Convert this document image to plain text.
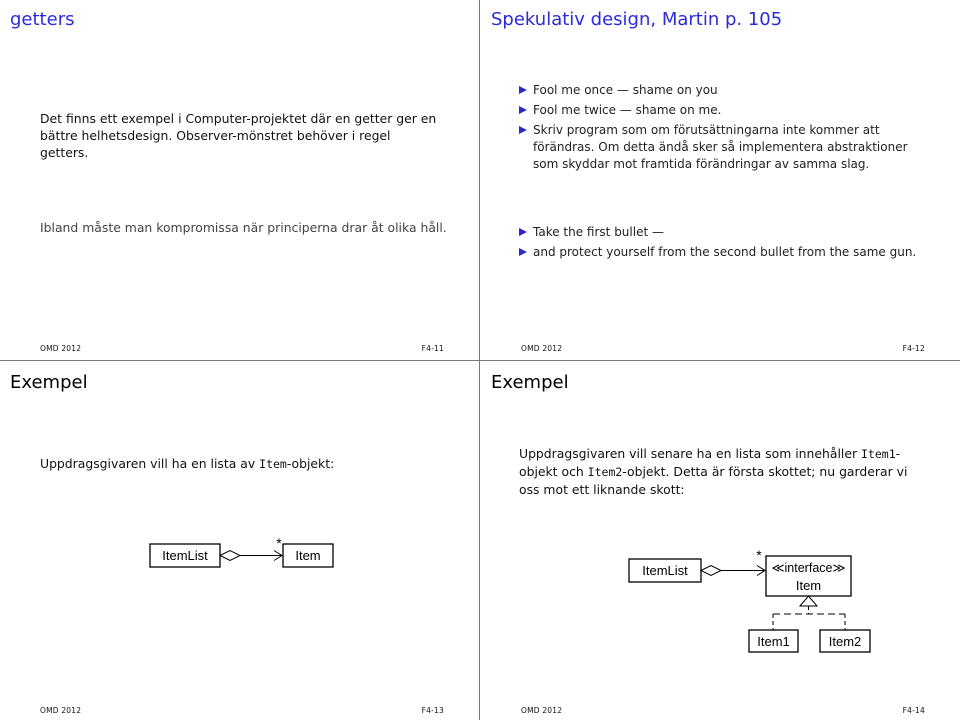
getters
Det finns ett exempel i Computer-projektet där en getter ger en bättre helhetsdesign. Observer-mönstret behöver i regel getters.
Ibland måste man kompromissa när principerna drar åt olika håll.
OMD 2012	F4-11
Spekulativ design, Martin p. 105
Fool me once — shame on you
Fool me twice — shame on me.
Skriv program som om förutsättningarna inte kommer att förändras. Om detta ändå sker så implementera abstraktioner som skyddar mot framtida förändringar av samma slag.
Take the first bullet —
and protect yourself from the second bullet from the same gun.
OMD 2012	F4-12
Exempel
Uppdragsgivaren vill ha en lista av Item-objekt:
ItemList
*
Item
OMD 2012	F4-13
Exempel
Uppdragsgivaren vill senare ha en lista som innehåller Item1-objekt och Item2-objekt. Detta är första skottet; nu garderar vi oss mot ett liknande skott:
ItemList
*
≪interface≫
Item
Item1	Item2
OMD 2012	F4-14
